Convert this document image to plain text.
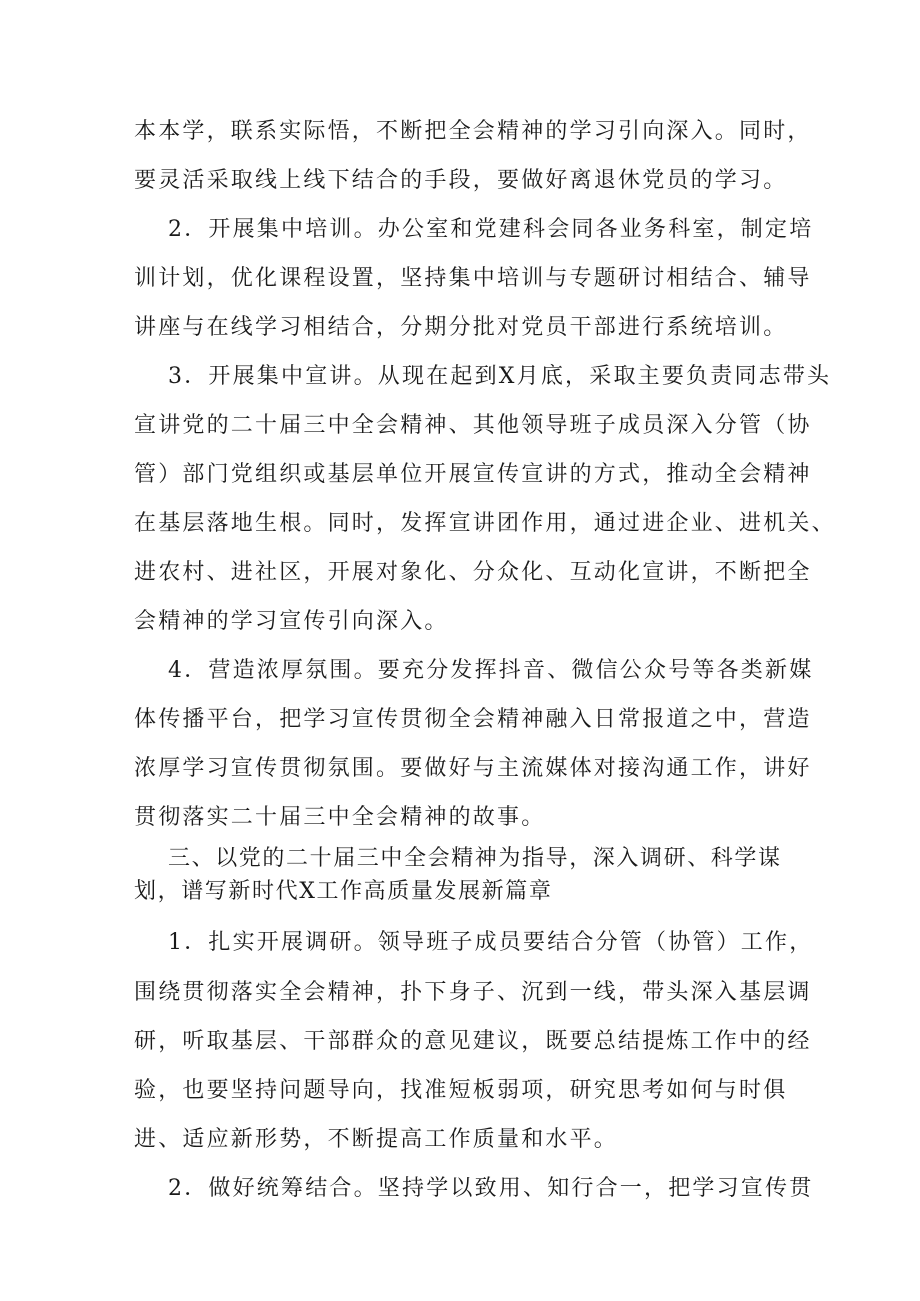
本本学，联系实际悟，不断把全会精神的学习引向深入。同时，
要灵活采取线上线下结合的手段，要做好离退休党员的学习。
2．开展集中培训。办公室和党建科会同各业务科室，制定培
训计划，优化课程设置，坚持集中培训与专题研讨相结合、辅导
讲座与在线学习相结合，分期分批对党员干部进行系统培训。
3．开展集中宣讲。从现在起到X月底，采取主要负责同志带头
宣讲党的二十届三中全会精神、其他领导班子成员深入分管（协
管）部门党组织或基层单位开展宣传宣讲的方式，推动全会精神
在基层落地生根。同时，发挥宣讲团作用，通过进企业、进机关、
进农村、进社区，开展对象化、分众化、互动化宣讲，不断把全
会精神的学习宣传引向深入。
4．营造浓厚氛围。要充分发挥抖音、微信公众号等各类新媒
体传播平台，把学习宣传贯彻全会精神融入日常报道之中，营造
浓厚学习宣传贯彻氛围。要做好与主流媒体对接沟通工作，讲好
贯彻落实二十届三中全会精神的故事。
三、以党的二十届三中全会精神为指导，深入调研、科学谋
划，谱写新时代X工作高质量发展新篇章
1．扎实开展调研。领导班子成员要结合分管（协管）工作，
围绕贯彻落实全会精神，扑下身子、沉到一线，带头深入基层调
研，听取基层、干部群众的意见建议，既要总结提炼工作中的经
验，也要坚持问题导向，找准短板弱项，研究思考如何与时俱
进、适应新形势，不断提高工作质量和水平。
2．做好统筹结合。坚持学以致用、知行合一，把学习宣传贯
